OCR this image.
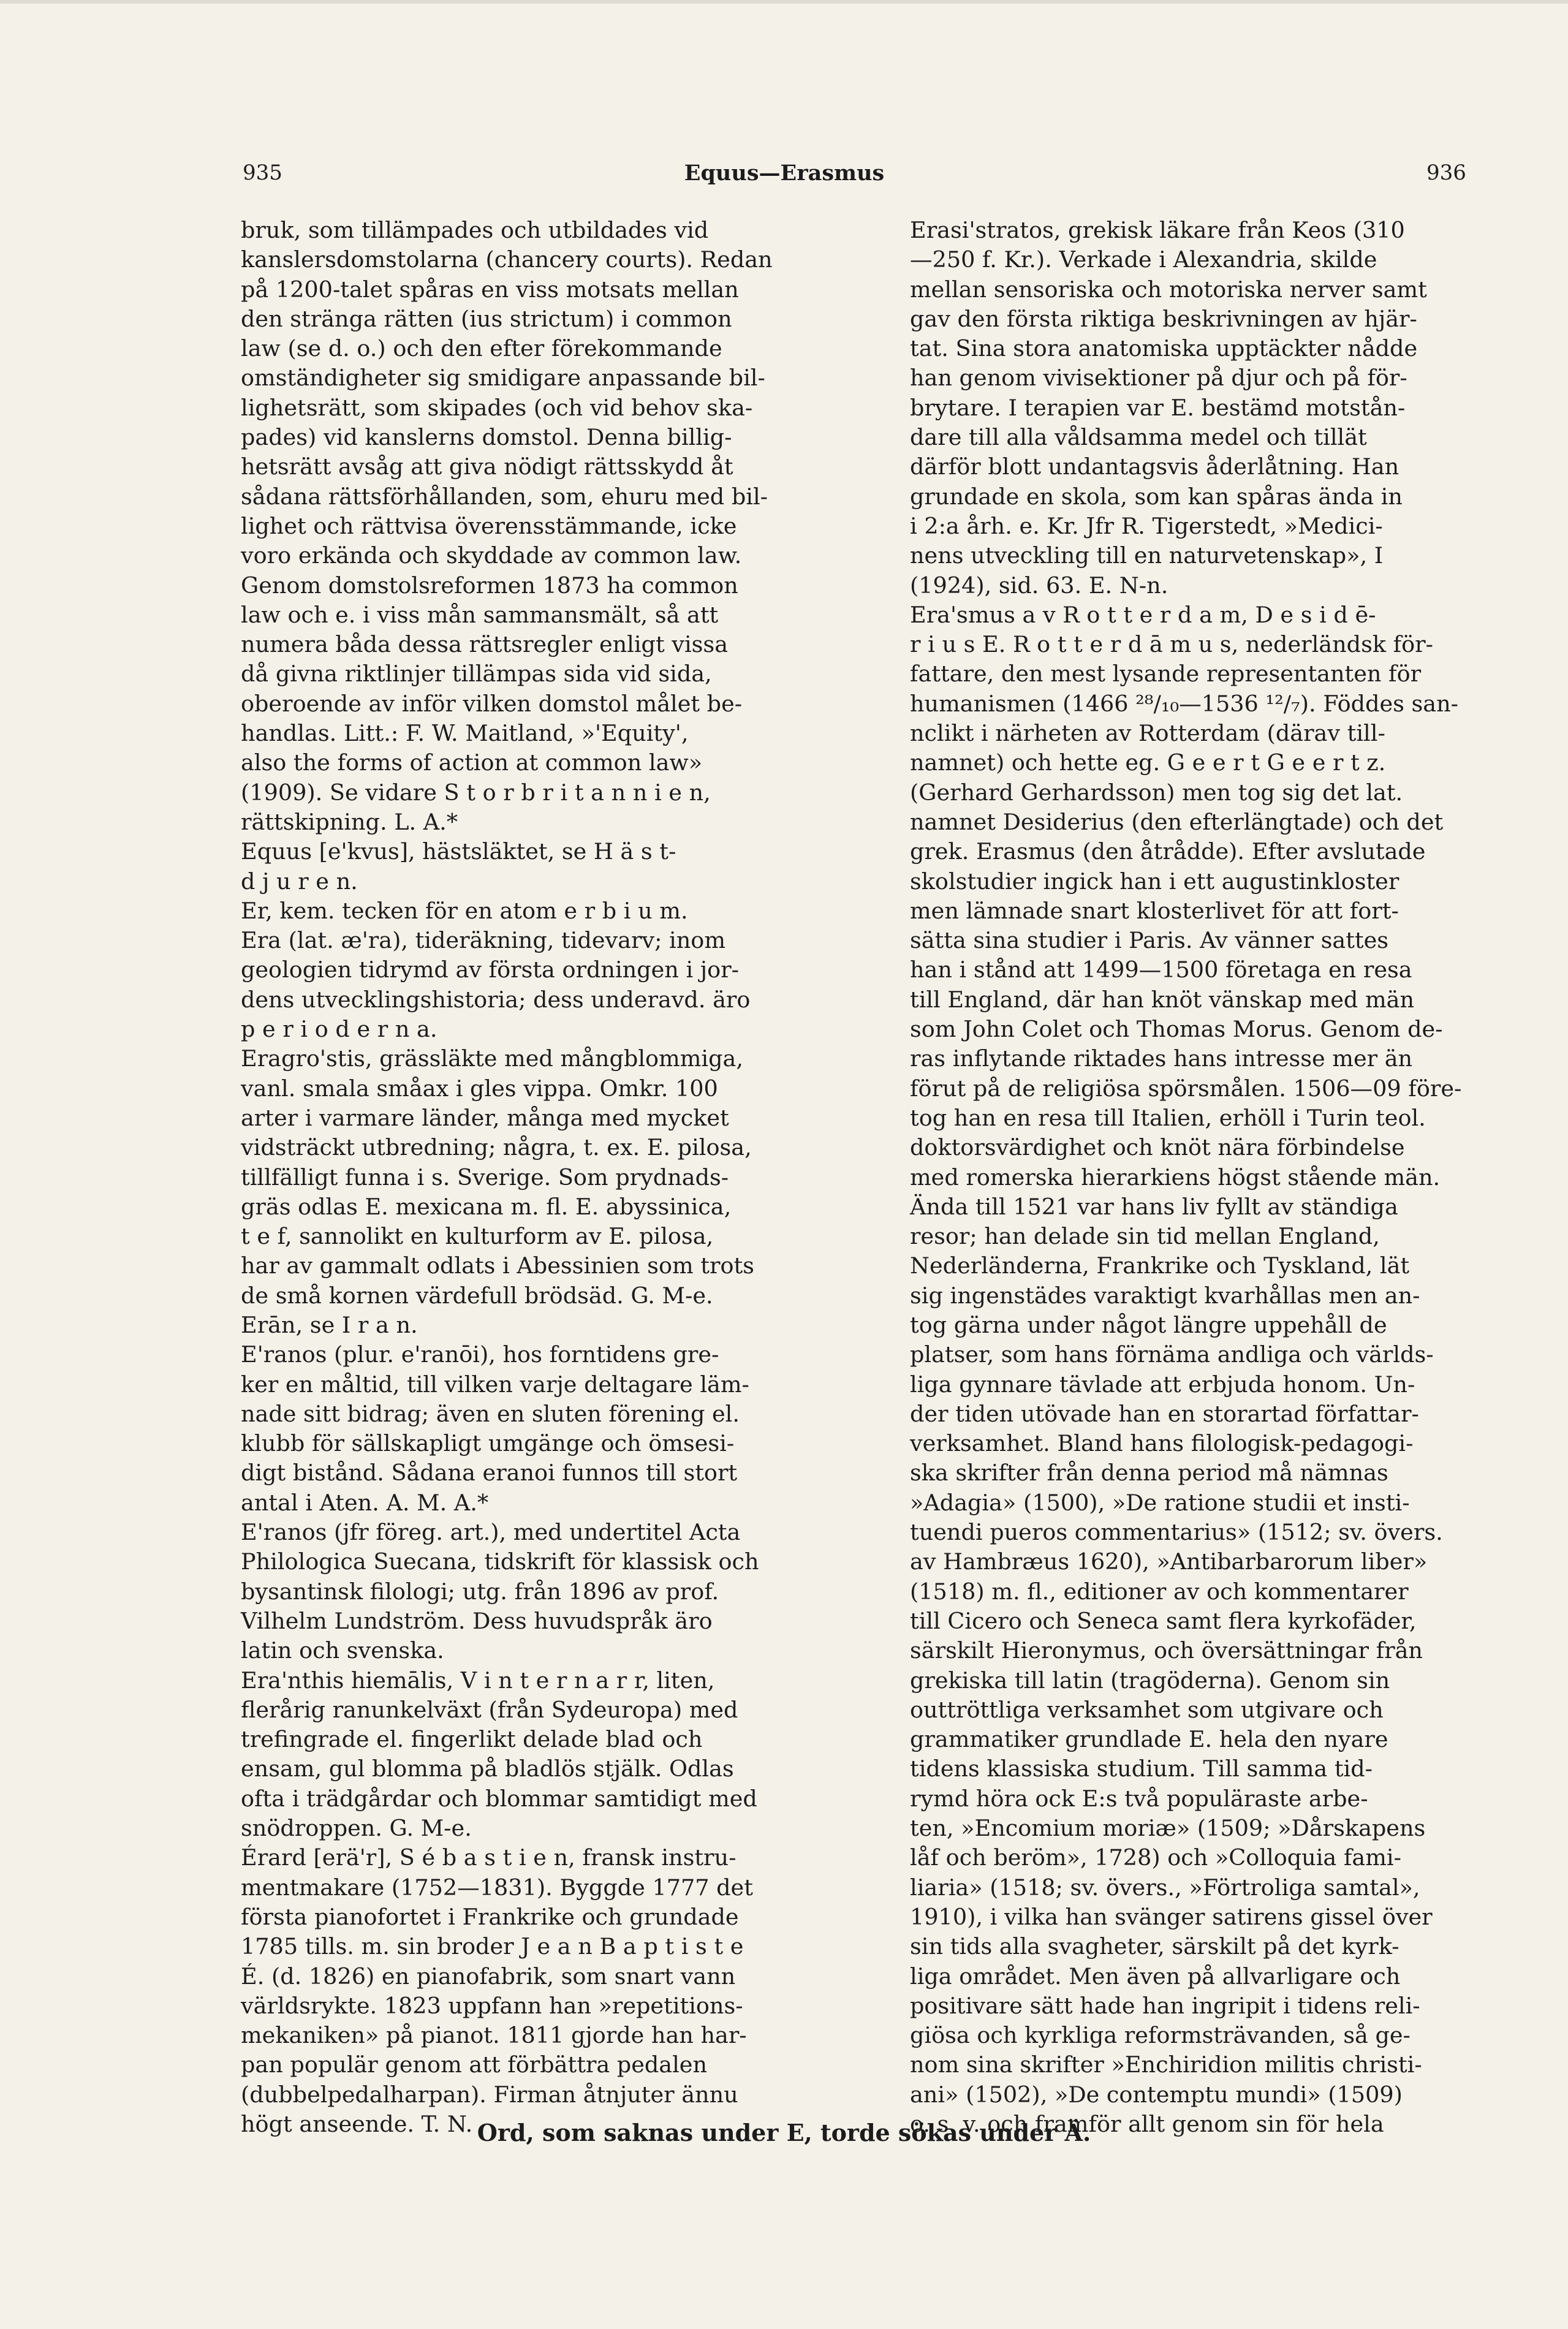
935	Equus—Erasmus	936
bruk, som tillämpades och utbildades vid
kanslersdomstolarna (chancery courts). Redan
på 1200-talet spåras en viss motsats mellan
den stränga rätten (ius strictum) i common
law (se d. o.) och den efter förekommande
omständigheter sig smidigare anpassande bil-
lighetsrätt, som skipades (och vid behov ska-
pades) vid kanslerns domstol. Denna billig-
hetsrätt avsåg att giva nödigt rättsskydd åt
sådana rättsförhållanden, som, ehuru med bil-
lighet och rättvisa överensstämmande, icke
voro erkända och skyddade av common law.
Genom domstolsreformen 1873 ha common
law och e. i viss mån sammansmält, så att
numera båda dessa rättsregler enligt vissa
då givna riktlinjer tillämpas sida vid sida,
oberoende av inför vilken domstol målet be-
handlas. Litt.: F. W. Maitland, »'Equity',
also the forms of action at common law»
(1909). Se vidare S t o r b r i t a n n i e n,
rättskipning. L. A.*
Equus [e'kvus], hästsläktet, se H ä s t-
d j u r e n.
Er, kem. tecken för en atom e r b i u m.
Era (lat. æ'ra), tideräkning, tidevarv; inom
geologien tidrymd av första ordningen i jor-
dens utvecklingshistoria; dess underavd. äro
p e r i o d e r n a.
Eragro'stis, grässläkte med mångblommiga,
vanl. smala småax i gles vippa. Omkr. 100
arter i varmare länder, många med mycket
vidsträckt utbredning; några, t. ex. E. pilosa,
tillfälligt funna i s. Sverige. Som prydnads-
gräs odlas E. mexicana m. fl. E. abyssinica,
t e f, sannolikt en kulturform av E. pilosa,
har av gammalt odlats i Abessinien som trots
de små kornen värdefull brödsäd. G. M-e.
Erān, se I r a n.
E'ranos (plur. e'ranōi), hos forntidens gre-
ker en måltid, till vilken varje deltagare läm-
nade sitt bidrag; även en sluten förening el.
klubb för sällskapligt umgänge och ömsesi-
digt bistånd. Sådana eranoi funnos till stort
antal i Aten. A. M. A.*
E'ranos (jfr föreg. art.), med undertitel Acta
Philologica Suecana, tidskrift för klassisk och
bysantinsk filologi; utg. från 1896 av prof.
Vilhelm Lundström. Dess huvudspråk äro
latin och svenska.
Era'nthis hiemālis, V i n t e r n a r r, liten,
flerårig ranunkelväxt (från Sydeuropa) med
trefingrade el. fingerlikt delade blad och
ensam, gul blomma på bladlös stjälk. Odlas
ofta i trädgårdar och blommar samtidigt med
snödroppen. G. M-e.
Érard [erä'r], S é b a s t i e n, fransk instru-
mentmakare (1752—1831). Byggde 1777 det
första pianofortet i Frankrike och grundade
1785 tills. m. sin broder J e a n B a p t i s t e
É. (d. 1826) en pianofabrik, som snart vann
världsrykte. 1823 uppfann han »repetitions-
mekaniken» på pianot. 1811 gjorde han har-
pan populär genom att förbättra pedalen
(dubbelpedalharpan). Firman åtnjuter ännu
högt anseende. T. N.
Erasi'stratos, grekisk läkare från Keos (310
—250 f. Kr.). Verkade i Alexandria, skilde
mellan sensoriska och motoriska nerver samt
gav den första riktiga beskrivningen av hjär-
tat. Sina stora anatomiska upptäckter nådde
han genom vivisektioner på djur och på för-
brytare. I terapien var E. bestämd motstån-
dare till alla våldsamma medel och tillät
därför blott undantagsvis åderlåtning. Han
grundade en skola, som kan spåras ända in
i 2:a årh. e. Kr. Jfr R. Tigerstedt, »Medici-
nens utveckling till en naturvetenskap», I
(1924), sid. 63. E. N-n.
Era'smus a v R o t t e r d a m, D e s i d ē-
r i u s E. R o t t e r d ā m u s, nederländsk för-
fattare, den mest lysande representanten för
humanismen (1466 ²⁸/₁₀—1536 ¹²/₇). Föddes san-
nclikt i närheten av Rotterdam (därav till-
namnet) och hette eg. G e e r t G e e r t z.
(Gerhard Gerhardsson) men tog sig det lat.
namnet Desiderius (den efterlängtade) och det
grek. Erasmus (den åtrådde). Efter avslutade
skolstudier ingick han i ett augustinkloster
men lämnade snart klosterlivet för att fort-
sätta sina studier i Paris. Av vänner sattes
han i stånd att 1499—1500 företaga en resa
till England, där han knöt vänskap med män
som John Colet och Thomas Morus. Genom de-
ras inflytande riktades hans intresse mer än
förut på de religiösa spörsmålen. 1506—09 före-
tog han en resa till Italien, erhöll i Turin teol.
doktorsvärdighet och knöt nära förbindelse
med romerska hierarkiens högst stående män.
Ända till 1521 var hans liv fyllt av ständiga
resor; han delade sin tid mellan England,
Nederländerna, Frankrike och Tyskland, lät
sig ingenstädes varaktigt kvarhållas men an-
tog gärna under något längre uppehåll de
platser, som hans förnäma andliga och världs-
liga gynnare tävlade att erbjuda honom. Un-
der tiden utövade han en storartad författar-
verksamhet. Bland hans filologisk-pedagogi-
ska skrifter från denna period må nämnas
»Adagia» (1500), »De ratione studii et insti-
tuendi pueros commentarius» (1512; sv. övers.
av Hambræus 1620), »Antibarbarorum liber»
(1518) m. fl., editioner av och kommentarer
till Cicero och Seneca samt flera kyrkofäder,
särskilt Hieronymus, och översättningar från
grekiska till latin (tragöderna). Genom sin
outtröttliga verksamhet som utgivare och
grammatiker grundlade E. hela den nyare
tidens klassiska studium. Till samma tid-
rymd höra ock E:s två populäraste arbe-
ten, »Encomium moriæ» (1509; »Dårskapens
låf och beröm», 1728) och »Colloquia fami-
liaria» (1518; sv. övers., »Förtroliga samtal»,
1910), i vilka han svänger satirens gissel över
sin tids alla svagheter, särskilt på det kyrk-
liga området. Men även på allvarligare och
positivare sätt hade han ingripit i tidens reli-
giösa och kyrkliga reformsträvanden, så ge-
nom sina skrifter »Enchiridion militis christi-
ani» (1502), »De contemptu mundi» (1509)
o. s. v. och framför allt genom sin för hela
Ord, som saknas under E, torde sökas under Ä.
